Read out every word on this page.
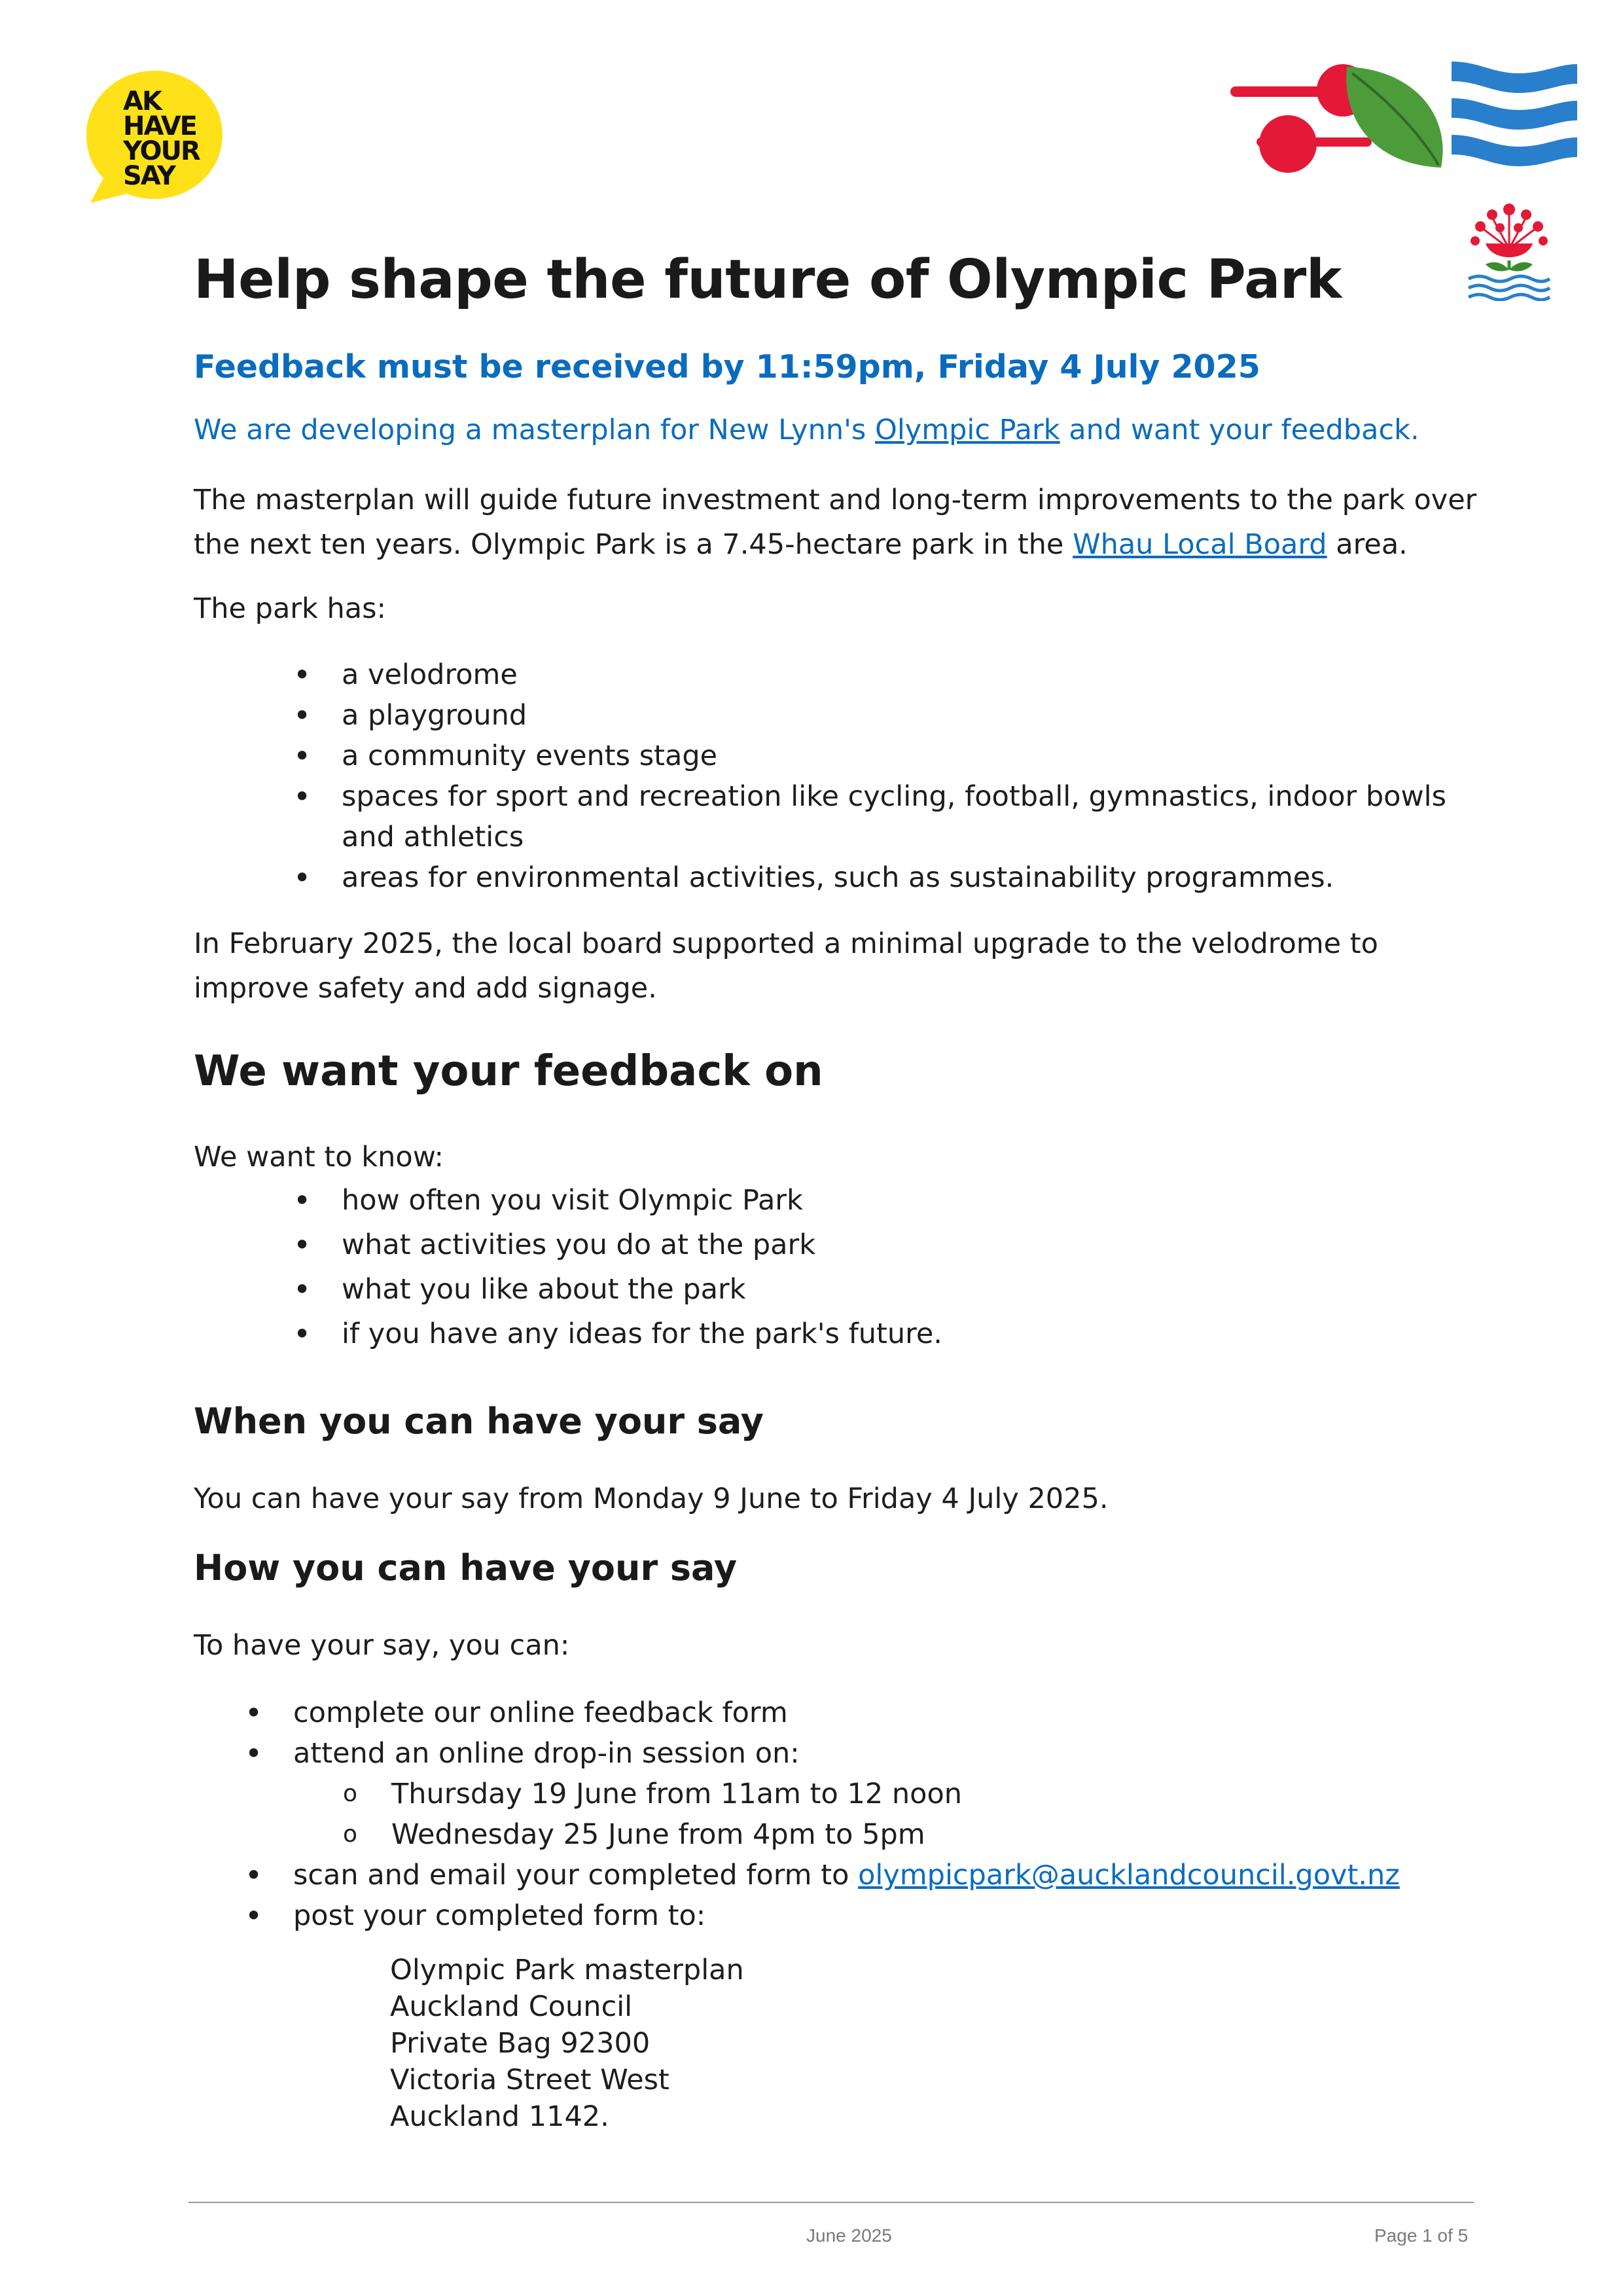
AK
HAVE
YOUR
SAY
Help shape the future of Olympic Park
Feedback must be received by 11:59pm, Friday 4 July 2025
We are developing a masterplan for New Lynn's Olympic Park and want your feedback.
The masterplan will guide future investment and long-term improvements to the park over the next ten years. Olympic Park is a 7.45-hectare park in the Whau Local Board area.
The park has:
• a velodrome
• a playground
• a community events stage
• spaces for sport and recreation like cycling, football, gymnastics, indoor bowls and athletics
• areas for environmental activities, such as sustainability programmes.
In February 2025, the local board supported a minimal upgrade to the velodrome to improve safety and add signage.
We want your feedback on
We want to know:
• how often you visit Olympic Park
• what activities you do at the park
• what you like about the park
• if you have any ideas for the park's future.
When you can have your say
You can have your say from Monday 9 June to Friday 4 July 2025.
How you can have your say
To have your say, you can:
• complete our online feedback form
• attend an online drop-in session on:
o Thursday 19 June from 11am to 12 noon
o Wednesday 25 June from 4pm to 5pm
• scan and email your completed form to olympicpark@aucklandcouncil.govt.nz
• post your completed form to:
Olympic Park masterplan
Auckland Council
Private Bag 92300
Victoria Street West
Auckland 1142.
June 2025	Page 1 of 5
